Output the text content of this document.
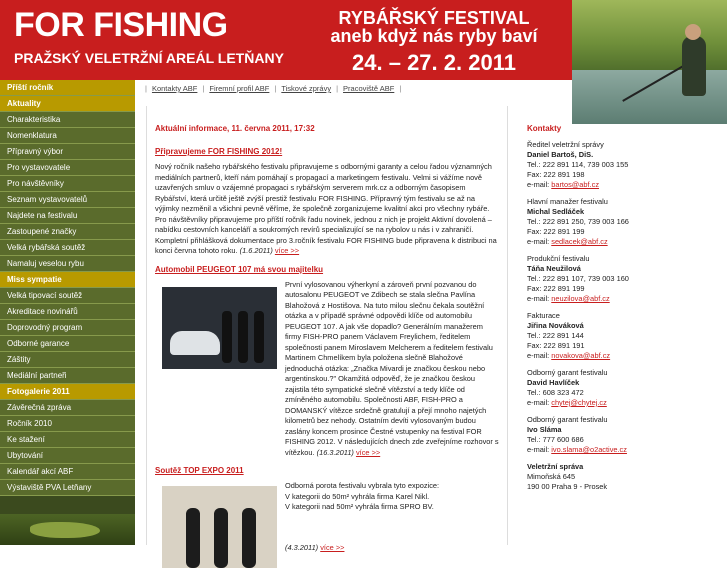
FOR FISHING
PRAŽSKÝ VELETRŽNÍ AREÁL LETŇANY
RYBÁŘSKÝ FESTIVAL
aneb když nás ryby baví
24. – 27. 2. 2011
Příští ročník
Aktuality
Charakteristika
Nomenklatura
Přípravný výbor
Pro vystavovatele
Pro návštěvníky
Seznam vystavovatelů
Najdete na festivalu
Zastoupené značky
Velká rybářská soutěž
Namaluj veselou rybu
Miss sympatie
Velká tipovací soutěž
Akreditace novinářů
Doprovodný program
Odborné garance
Záštity
Mediální partneři
Fotogalerie 2011
Závěrečná zpráva
Ročník 2010
Ke stažení
Ubytování
Kalendář akcí ABF
Výstaviště PVA Letňany
| Kontakty ABF | Firemní profil ABF | Tiskové zprávy | Pracoviště ABF |
Aktuální informace, 11. června 2011, 17:32
Připravujeme FOR FISHING 2012!
Nový ročník našeho rybářského festivalu připravujeme s odbornými garanty a celou řadou významných mediálních partnerů, kteří nám pomáhají s propagací a marketingem festivalu. Velmi si vážíme nově uzavřených smluv o vzájemné propagaci s rybářským serverem mrk.cz a odborným časopisem Rybářství, která určitě ještě zvýší prestiž festivalu FOR FISHING. Přípravný tým festivalu se až na výjimky nezměnil a všichni pevně věříme, že společně zorganizujeme kvalitní akci pro všechny rybáře. Pro návštěvníky připravujeme pro příští ročník řadu novinek, jednou z nich je projekt Aktivní dovolená – nabídku cestovních kanceláří a soukromých revírů specializující se na rybolov u nás i v zahraničí. Kompletní přihlášková dokumentace pro 3.ročník festivalu FOR FISHING bude připravena k distribuci na konci června tohoto roku. (1.6.2011) více >>
Automobil PEUGEOT 107 má svou majitelku
První vylosovanou výherkyní a zároveň první pozvanou do autosalonu PEUGEOT ve Zdibech se stala slečna Pavlína Blahožová z Hostišova. Na tuto milou slečnu čekala soutěžní otázka a v případě správné odpovědi klíče od automobilu PEUGEOT 107. A jak vše dopadlo? Generálním manažerem firmy FISH-PRO panem Václavem Freylichem, ředitelem společnosti panem Miroslavem Melcherem a ředitelem festivalu Martinem Chmelíkem byla položena slečně Blahožové jednoduchá otázka: „Značka Mivardi je značkou českou nebo argentinskou.?" Okamžitá odpověď, že je značkou českou zajistila této sympatické slečně vítězství a tedy klíče od zmíněného automobilu. Společnosti ABF, FISH-PRO a DOMANSKÝ vítězce srdečně gratulují a přejí mnoho najetých kilometrů bez nehody. Ostatním devíti vylosovaným budou zaslány koncem prosince Čestné vstupenky na festival FOR FISHING 2012. V následujících dnech zde zveřejníme rozhovor s vítězkou. (16.3.2011) více >>
Soutěž TOP EXPO 2011
Odborná porota festivalu vybrala tyto expozice:
V kategorii do 50m² vyhrála firma Karel Nikl.
V kategorii nad 50m² vyhrála firma SPRO BV.
(4.3.2011) více >>
Kontakty
Ředitel veletržní správy
Daniel Bartoš, DiS.
Tel.: 222 891 114, 739 003 155
Fax: 222 891 198
e-mail: bartos@abf.cz
Hlavní manažer festivalu
Michal Sedláček
Tel.: 222 891 250, 739 003 166
Fax: 222 891 199
e-mail: sedlacek@abf.cz
Produkční festivalu
Táňa Neužilová
Tel.: 222 891 107, 739 003 160
Fax: 222 891 199
e-mail: neuzilova@abf.cz
Fakturace
Jiřina Nováková
Tel.: 222 891 144
Fax: 222 891 191
e-mail: novakova@abf.cz
Odborný garant festivalu
David Havlíček
Tel.: 608 323 472
e-mail: chytej@chytej.cz
Odborný garant festivalu
Ivo Sláma
Tel.: 777 600 686
e-mail: ivo.slama@o2active.cz
Veletržní správa
Mimoňská 645
190 00 Praha 9 - Prosek
